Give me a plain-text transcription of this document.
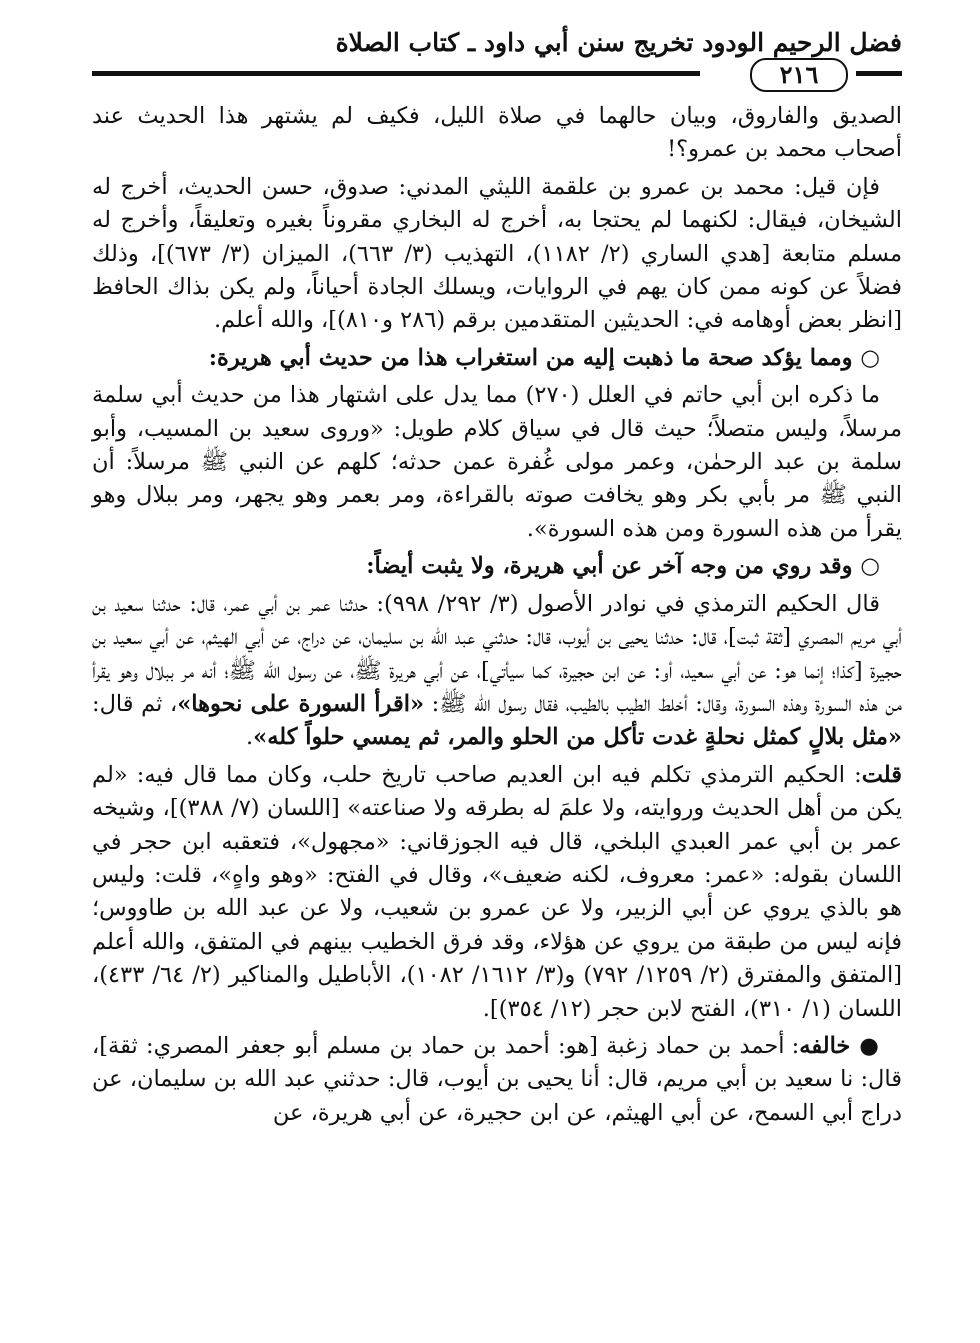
فضل الرحيم الودود تخريج سنن أبي داود ـ كتاب الصلاة
٢١٦

الصديق والفاروق، وبيان حالهما في صلاة الليل، فكيف لم يشتهر هذا الحديث عند أصحاب محمد بن عمرو؟!

فإن قيل: محمد بن عمرو بن علقمة الليثي المدني: صدوق، حسن الحديث، أخرج له الشيخان، فيقال: لكنهما لم يحتجا به، أخرج له البخاري مقروناً بغيره وتعليقاً، وأخرج له مسلم متابعة [هدي الساري (٢/ ١١٨٢)، التهذيب (٣/ ٦٦٣)، الميزان (٣/ ٦٧٣)]، وذلك فضلاً عن كونه ممن كان يهم في الروايات، ويسلك الجادة أحياناً، ولم يكن بذاك الحافظ [انظر بعض أوهامه في: الحديثين المتقدمين برقم (٢٨٦ و٨١٠)]، والله أعلم.

○ ومما يؤكد صحة ما ذهبت إليه من استغراب هذا من حديث أبي هريرة:

ما ذكره ابن أبي حاتم في العلل (٢٧٠) مما يدل على اشتهار هذا من حديث أبي سلمة مرسلاً، وليس متصلاً؛ حيث قال في سياق كلام طويل: «وروى سعيد بن المسيب، وأبو سلمة بن عبد الرحمٰن، وعمر مولى غُفرة عمن حدثه؛ كلهم عن النبي ﷺ مرسلاً: أن النبي ﷺ مر بأبي بكر وهو يخافت صوته بالقراءة، ومر بعمر وهو يجهر، ومر ببلال وهو يقرأ من هذه السورة ومن هذه السورة».

○ وقد روي من وجه آخر عن أبي هريرة، ولا يثبت أيضاً:

قال الحكيم الترمذي في نوادر الأصول (٣/ ٢٩٢/ ٩٩٨): حدثنا عمر بن أبي عمر، قال: حدثنا سعيد بن أبي مريم المصري [ثقة ثبت]، قال: حدثنا يحيى بن أيوب، قال: حدثني عبد الله بن سليمان، عن دراج، عن أبي الهيثم، عن أبي سعيد بن حجيرة [كذا؛ إنما هو: عن أبي سعيد، أو: عن ابن حجيرة، كما سيأتي]، عن أبي هريرة ﷺ، عن رسول الله ﷺ؛ أنه مر ببلال وهو يقرأ من هذه السورة وهذه السورة، وقال: أخلط الطيب بالطيب، فقال رسول الله ﷺ: «اقرأ السورة على نحوها»، ثم قال: «مثل بلالٍ كمثل نحلةٍ غدت تأكل من الحلو والمر، ثم يمسي حلواً كله».

قلت: الحكيم الترمذي تكلم فيه ابن العديم صاحب تاريخ حلب، وكان مما قال فيه: «لم يكن من أهل الحديث وروايته، ولا علمَ له بطرقه ولا صناعته» [اللسان (٧/ ٣٨٨)]، وشيخه عمر بن أبي عمر العبدي البلخي، قال فيه الجوزقاني: «مجهول»، فتعقبه ابن حجر في اللسان بقوله: «عمر: معروف، لكنه ضعيف»، وقال في الفتح: «وهو واهٍ»، قلت: وليس هو بالذي يروي عن أبي الزبير، ولا عن عمرو بن شعيب، ولا عن عبد الله بن طاووس؛ فإنه ليس من طبقة من يروي عن هؤلاء، وقد فرق الخطيب بينهم في المتفق، والله أعلم [المتفق والمفترق (٢/ ١٢٥٩/ ٧٩٢) و(٣/ ١٦١٢/ ١٠٨٢)، الأباطيل والمناكير (٢/ ٦٤/ ٤٣٣)، اللسان (١/ ٣١٠)، الفتح لابن حجر (١٢/ ٣٥٤)].

● خالفه: أحمد بن حماد زغبة [هو: أحمد بن حماد بن مسلم أبو جعفر المصري: ثقة]، قال: نا سعيد بن أبي مريم، قال: أنا يحيى بن أيوب، قال: حدثني عبد الله بن سليمان، عن دراج أبي السمح، عن أبي الهيثم، عن ابن حجيرة، عن أبي هريرة، عن
